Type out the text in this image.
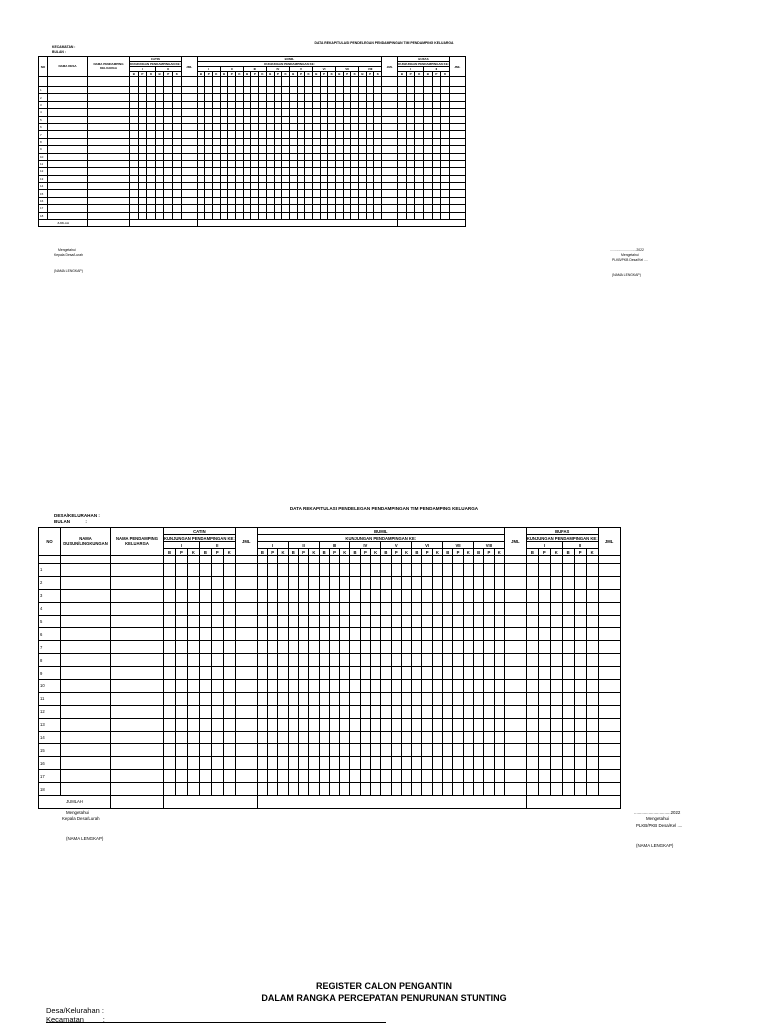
DATA REKAPITULASI PENDELEGAN PENDAMPINGAN TIM PENDAMPING KELUARGA
KECAMATAN :
BULAN :
NO	NAMA DESA	NAMA PENDAMPING KELUARGA	CATIN						JML	BUMIL																								JML	BUFAS						JML
			KUNJUNGAN PENDAMPINGAN KE:							KUNJUNGAN PENDAMPINGAN KE:																									KUNJUNGAN PENDAMPINGAN KE:						
			I			II				I			II			III			IV			V			VI			VII			VIII				I			II			
			B	P	K	B	P	K		B	P	K	B	P	K	B	P	K	B	P	K	B	P	K	B	P	K	B	P	K	B	P	K		B	P	K	B	P	K	

1																																									
2																																									
3																																									
4																																									
5																																									
6																																									
7																																									
8																																									
9																																									
10																																									
11																																									
12																																									
13																																									
14																																									
15																																									
16																																									
17																																									
18																																									
JUMLAH																																									
Mengetahui
Kepala Desa/Lurah
(NAMA LENGKAP)
............................2022
Mengetahui
PLKB/PKB Desa/Kel ....
(NAMA LENGKAP)
DATA REKAPITULASI PENDELEGAN PENDAMPINGAN TIM PENDAMPING KELUARGA
DESA/KELURAHAN :
BULAN            :
NO	NAMA DUSUN/LINGKUNGAN	NAMA PENDAMPING KELUARGA	CATIN						JML	BUMIL																								JML	BUFAS						JML
			KUNJUNGAN PENDAMPINGAN KE:							KUNJUNGAN PENDAMPINGAN KE:																									KUNJUNGAN PENDAMPINGAN KE:						
			I			II				I			II			III			IV			V			VI			VII			VIII				I			II			
			B	P	K	B	P	K		B	P	K	B	P	K	B	P	K	B	P	K	B	P	K	B	P	K	B	P	K	B	P	K		B	P	K	B	P	K	

1																																									
2																																									
3																																									
4																																									
5																																									
6																																									
7																																									
8																																									
9																																									
10																																									
11																																									
12																																									
13																																									
14																																									
15																																									
16																																									
17																																									
18																																									
JUMLAH																																									
Mengetahui
Kepala Desa/Lurah
(NAMA LENGKAP)
..............................2022
Mengetahui
PLKB/PKB Desa/Kel ....
(NAMA LENGKAP)
REGISTER CALON PENGANTIN
DALAM RANGKA PERCEPATAN PENURUNAN STUNTING
Desa/Kelurahan :
Kecamatan         :
